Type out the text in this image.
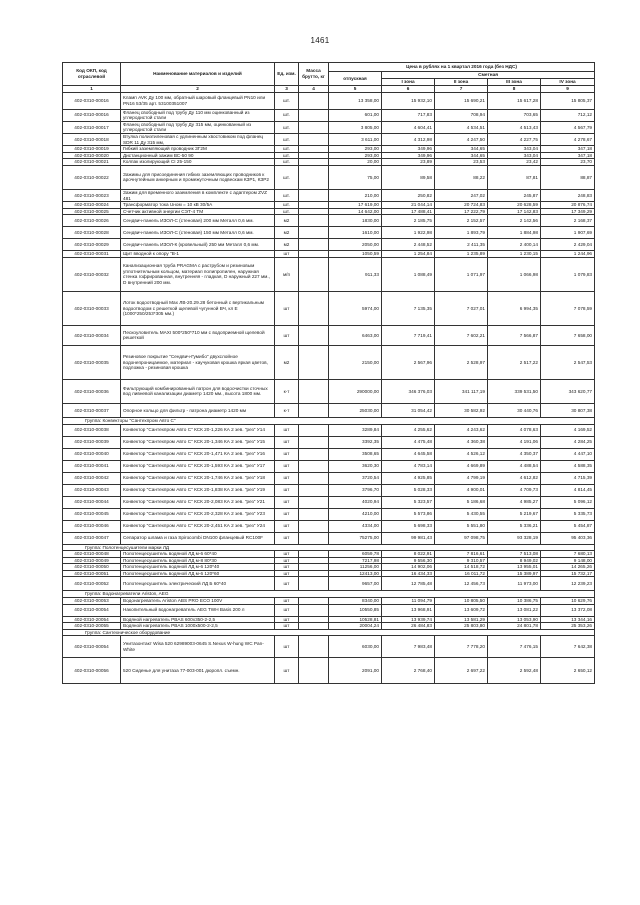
1461
Код ОКП, код отраслевой	Наименование материалов и изделий	Ед. изм.	Масса брутто, кг	Цена в рублях на 1 квартал 2016 года (без НДС)				
				отпускная	Сметная			
					I зона	II зона	III зона	IV зона
1	2	3	4	5	6	7	8	9
402-0310-00016	Кламп AVK Ду 100 мм, обратный шаровый фланцевый PN10 или PN16 53/35 арт. 53100351007	шт.		13 358,00	15 932,10	15 690,21	15 617,28	15 805,37
402-0310-00016	Фланец свободный под трубу Ду 110 мм оцинкованный из углеродистой стали	шт.		601,00	717,83	708,94	703,65	712,12
402-0310-00017	Фланец свободный под трубу Ду 315 мм, оцинкованный из углеродистой стали	шт.		3 805,00	4 604,41	4 534,51	4 513,43	4 567,79
402-0310-00018	Втулка полиэтиленовая с удлиненным хвостовиком под фланец SDR 11 Ду 315 мм,	шт.		3 611,00	4 312,98	4 247,50	4 227,75	4 278,67
402-0310-00019	Гибкий заземляющий проводник ЗГ2М	шт.		293,00	349,96	344,65	343,04	347,18
402-0310-00020	Дистанционный зажим ВС-50 90	шт.		293,00	349,96	344,65	343,04	347,18
402-0310-00021	Колпак изолирующий CI 25-150	шт.		20,00	23,89	23,53	23,42	23,70
402-0310-00022	Зажимы для присоединения гибких заземляющих проводников к арочнутейным анкерным и промежуточным подвескам КЗР1, КЗР2	шт.		75,00	89,58	88,22	87,81	88,87
402-0310-00023	Зажим для временного заземления в комплекте с адаптером ZVZ 481	шт.		210,00	250,82	247,02	245,87	248,83
402-0310-00024	Трансформатор тока Uном = 10 кВ 30/5А	шт.		17 619,00	21 044,14	20 724,83	20 628,59	20 876,74
402-0310-00025	Счетчик активной энергии СЭТ-4 ТМ	шт.		14 642,00	17 488,41	17 222,79	17 142,83	17 349,29
402-0310-00026	Сендвич-панель ИЗОЛ-С (стеновая) 200 мм Металл 0,6 мм.	м2		1830,00	2 185,75	2 152,57	2 142,56	2 168,37
402-0310-00028	Сендвич-панель ИЗОЛ-С (стеновая) 150 мм Металл 0,6 мм.	м2		1610,00	1 922,98	1 893,79	1 884,98	1 907,69
402-0310-00029	Сендвич-панель ИЗОЛ-К (кровельный) 250 мм Металл 0,6 мм.	м2		2050,00	2 448,52	2 411,35	2 400,14	2 429,04
402-0310-00031	Щит вводной к опору "В-1	шт		1050,59	1 254,84	1 235,89	1 230,15	1 244,96
402-0310-00032	Канализационная труба PRAGMA с раструбом и резиновым уплотнительным кольцом, материал полипропилен, наружная стенка гофрированная, внутренняя - гладкая, D наружный 227 мм., D внутренний 200 мм.	м/п		911,33	1 088,49	1 071,97	1 066,98	1 079,83
402-0310-00033	Лоток водоотводный Max ЛВ-20.29.28 бетонный с вертикальным водоотводом с решеткой щелевой чугунной ВЧ, кл Е (1000*250/253*305 мм.)	шт		5974,00	7 135,35	7 027,01	6 994,35	7 078,59
402-0310-00034	Пескоуловитель MAXI 500*250*710 мм с водоприемной щелевой решеткой	шт		6463,00	7 719,41	7 602,21	7 566,87	7 658,00
402-0310-00035	Резиновое покрытие "Сендвич-Гумибо" двухслойное водонепроницаемое, материал - каучуковая крошка яркая цветов, подложка - резиновая крошка	м2		2150,00	2 567,96	2 528,97	2 517,22	2 547,53
402-0310-00036	Фильтрующий комбинированный патрон для водоочистки сточных вод ливневой канализации диаметр 1420 мм., высота 1800 мм.	к-т		290000,00	346 376,03	341 117,19	339 531,50	343 620,77
402-0310-00037	Опорное кольцо для фильтр - патрона диаметр 1420 мм	к-т		25030,00	31 054,42	30 582,92	30 440,76	30 807,38
Группа: Конвекторы "Сантехпром Авто С"								
402-0310-00038	Конвектор "Сантехпром Авто С" КСК 20-1,226 КА 2 зев. "рез" У14	шт		3289,84	4 255,62	4 243,62	4 078,63	4 169,52
402-0310-00039	Конвектор "Сантехпром Авто С" КСК 20-1,346 КА 2 зев. "рез" У15	шт		3392,35	4 475,48	4 360,38	4 191,06	4 284,25
402-0310-00040	Конвектор "Сантехпром Авто С" КСК 20-1,471 КА 2 зев. "рез" У16	шт		3508,65	4 645,58	4 526,12	4 350,37	4 447,10
402-0310-00041	Конвектор "Сантехпром Авто С" КСК 20-1,593 КА 2 зев. "рез" У17	шт		3620,30	4 783,14	4 669,89	4 488,54	4 588,35
402-0310-00042	Конвектор "Сантехпром Авто С" КСК 20-1,746 КА 2 зев. "рез" У18	шт		3720,54	4 925,85	4 799,19	4 612,82	4 715,39
402-0310-00043	Конвектор "Сантехпром Авто С" КСК 20-1,838 КА 2 зев. "рез" У19	шт		3796,70	5 028,33	4 900,01	4 709,73	4 814,45
402-0310-00044	Конвектор "Сантехпром Авто С" КСК 20-2,083 КА 2 зев. "рез" У21	шт		4020,94	5 323,57	5 186,68	4 985,27	5 096,12
402-0310-00045	Конвектор "Сантехпром Авто С" КСК 20-2,328 КА 2 зев. "рез" У23	шт		4210,00	5 573,86	5 430,55	5 219,67	5 335,73
402-0310-00046	Конвектор "Сантехпром Авто С" КСК 20-2,451 КА 2 зев. "рез" У24	шт		4334,00	5 698,33	5 551,80	5 336,21	5 454,87
402-0310-00047	Сепаратор шлама и газа Spirocombi DN100 фланцевый RC100F	шт		75275,00	99 981,43	97 098,75	93 328,19	95 403,36
Группа: Полотенцесушители марки ЛД								
402-0310-00048	Полотенцесушитель водяной ЛД м-6 60*40	шт		6059,78	8 022,91	7 816,61	7 513,08	7 680,13
402-0310-00049	Полотенцесушитель водяной ЛД м-8 80*30	шт		7217,98	9 556,30	9 310,57	8 949,02	9 148,00
402-0310-00050	Полотенцесушитель водяной ЛД м-6 120*40	шт		11256,00	14 902,06	14 518,72	13 955,01	14 265,26
402-0310-00051	Полотенцесушитель водяной ЛД м-6 120*60	шт		12413,00	16 434,33	16 011,72	15 389,97	15 732,17
402-0310-00052	Полотенцесушитель электрический ЛД Б 60*40	шт		9657,00	12 785,48	12 456,73	11 973,00	12 239,23
Группа: Водонагреватели Ariston, AEG								
402-0310-00053	Водонагреватель Ariston ABS PRO ECO 100V	шт		8340,00	11 094,79	10 805,50	10 386,75	10 629,76
402-0310-00054	Накопительный водонагреватель AEG TWH Basis 200 л	шт		10550,85	13 968,91	13 609,72	13 081,22	13 372,08
402-0310-20054	Водяной нагреватель PBAS 600x350-2-2,5	шт		10528,81	13 939,74	13 581,29	13 053,90	13 344,16
402-0310-20055	Водяной нагреватель PBAS 1000x500-2-2,5	шт		20004,24	26 484,83	25 803,80	24 801,78	25 353,26
Группа: Сантехническое оборудование								
402-0310-00054	Унитазонтакт Wisa 520 62989003-0645 S.Nexus W-hung WC Pan-White	шт		6030,00	7 983,48	7 778,20	7 476,15	7 642,38
402-0310-00056	520 Сиденье для унитаза 77-003-001 дюропл. съемн.	шт		2091,00	2 768,40	2 697,22	2 592,48	2 650,12
